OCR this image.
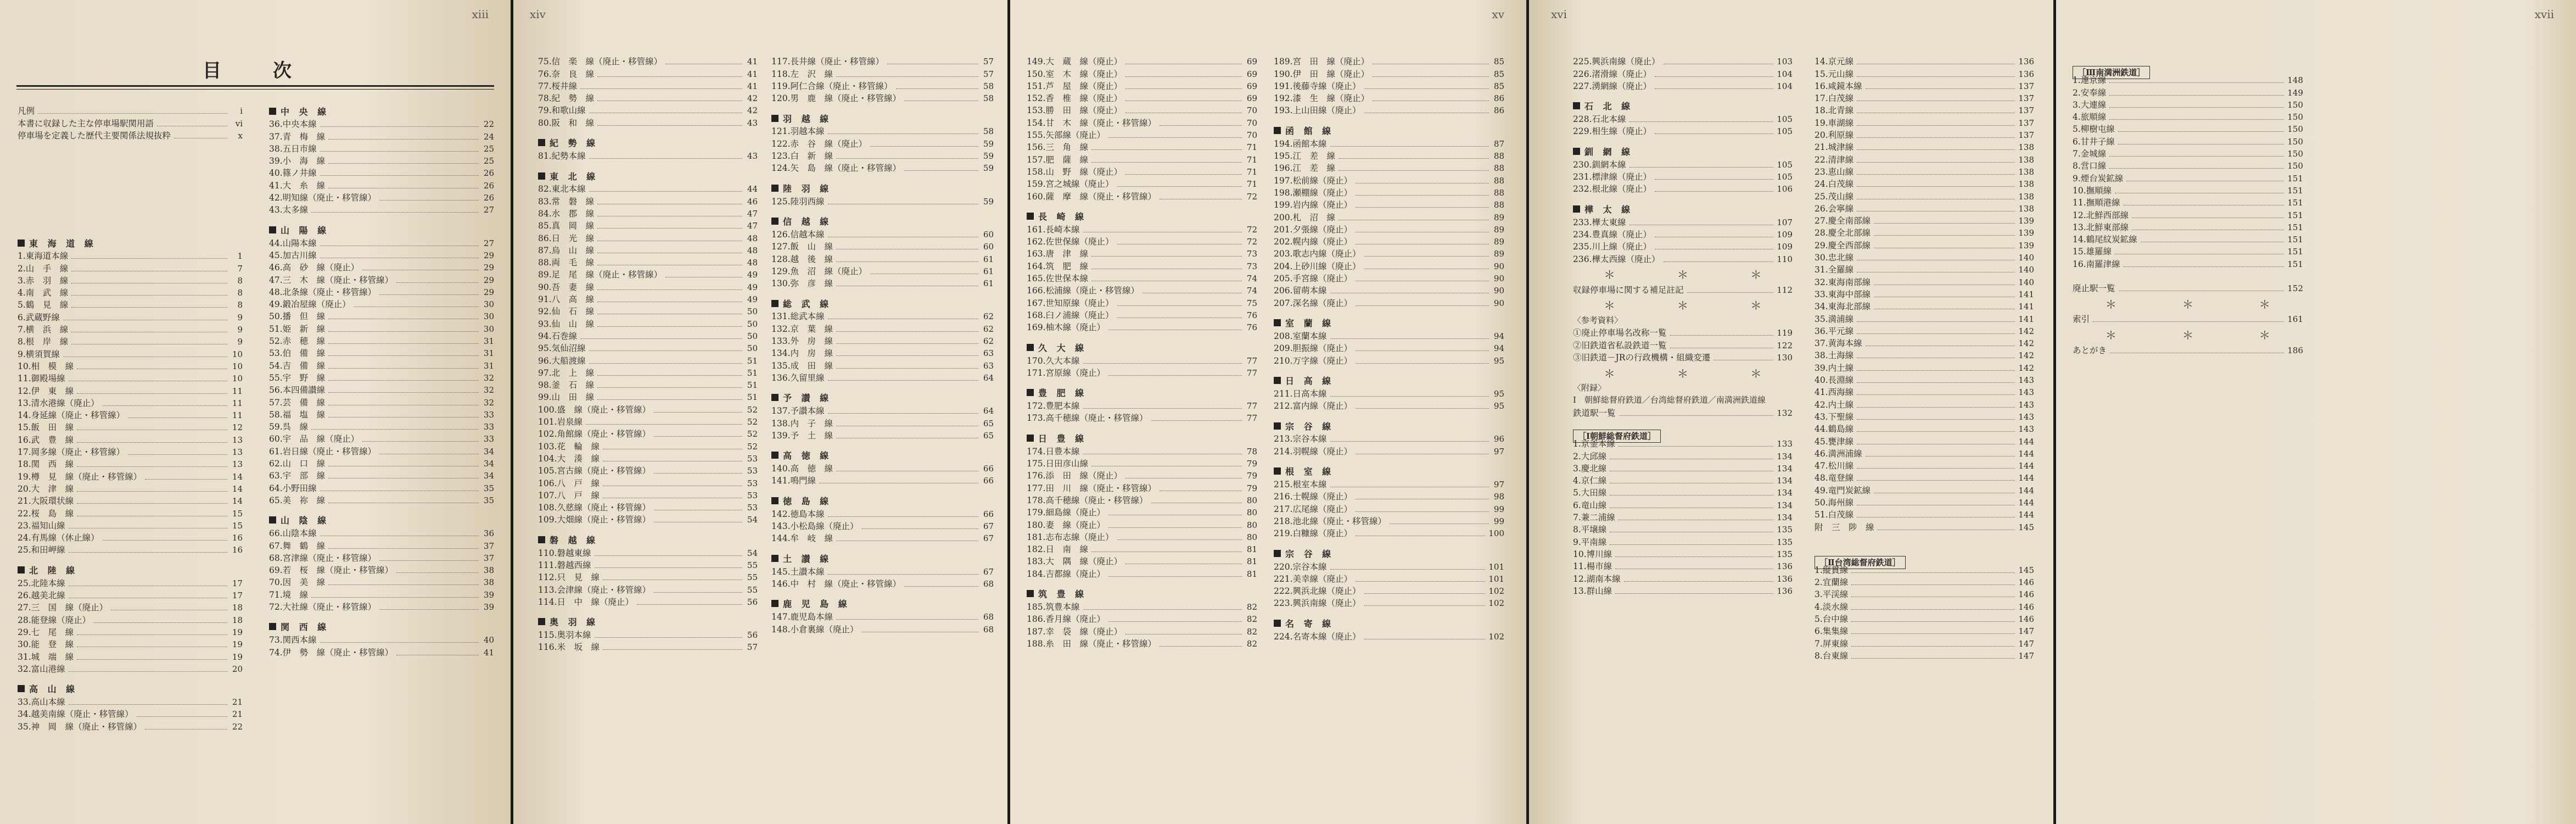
xiii
目　次
凡例	i
本書に収録した主な停車場駅関用語	vi
停車場を定義した歴代主要関係法規抜粋	x
東 海 道 線
1.東海道本線	1
2.山　手　線	7
3.赤　羽　線	8
4.南　武　線	8
5.鶴　見　線	8
6.武蔵野線	9
7.横　浜　線	9
8.根　岸　線	9
9.横須賀線	10
10.相　模　線	10
11.御殿場線	10
12.伊　東　線	11
13.清水港線（廃止）	11
14.身延線（廃止・移管線）	11
15.飯　田　線	12
16.武　豊　線	13
17.岡多線（廃止・移管線）	13
18.関　西　線	13
19.樽　見　線（廃止・移管線）	14
20.大　津　線	14
21.大阪環状線	14
22.桜　島　線	15
23.福知山線	15
24.有馬線（休止線）	16
25.和田岬線	16
北 陸 線
25.北陸本線	17
26.越美北線	17
27.三　国　線（廃止）	18
28.能登線（廃止）	18
29.七　尾　線	19
30.能　登　線	19
31.城　端　線	19
32.富山港線	20
高 山 線
33.高山本線	21
34.越美南線（廃止・移管線）	21
35.神　岡　線（廃止・移管線）	22
中 央 線
36.中央本線	22
37.青　梅　線	24
38.五日市線	25
39.小　海　線	25
40.篠ノ井線	26
41.大　糸　線	26
42.明知線（廃止・移管線）	26
43.太多線	27
山 陽 線
44.山陽本線	27
45.加古川線	29
46.高　砂　線（廃止）	29
47.三　木　線（廃止・移管線）	29
48.北条線（廃止・移管線）	29
49.鍛冶屋線（廃止）	30
50.播　但　線	30
51.姫　新　線	30
52.赤　穂　線	31
53.伯　備　線	31
54.吉　備　線	31
55.宇　野　線	32
56.本四備讃線	32
57.芸　備　線	32
58.福　塩　線	33
59.呉　線	33
60.宇　品　線（廃止）	33
61.岩日線（廃止・移管線）	34
62.山　口　線	34
63.宇　部　線	34
64.小野田線	35
65.美　祢　線	35
山 陰 線
66.山陰本線	36
67.舞　鶴　線	37
68.宮津線（廃止・移管線）	37
69.若　桜　線（廃止・移管線）	38
70.因　美　線	38
71.境　線	39
72.大社線（廃止・移管線）	39
関 西 線
73.関西本線	40
74.伊　勢　線（廃止・移管線）	41
xiv
75.信　楽　線（廃止・移管線）	41
76.奈　良　線	41
77.桜井線	41
78.紀　勢　線	42
79.和歌山線	42
80.阪　和　線	43
紀 勢 線
81.紀勢本線	43
東 北 線
82.東北本線	44
83.常　磐　線	46
84.水　郡　線	47
85.真　岡　線	47
86.日　光　線	48
87.烏　山　線	48
88.両　毛　線	48
89.足　尾　線（廃止・移管線）	49
90.吾　妻　線	49
91.八　高　線	49
92.仙　石　線	50
93.仙　山　線	50
94.石巻線	50
95.気仙沼線	50
96.大船渡線	51
97.北　上　線	51
98.釜　石　線	51
99.山　田　線	51
100.盛　線（廃止・移管線）	52
101.岩泉線	52
102.角館線（廃止・移管線）	52
103.花　輪　線	52
104.大　湊　線	53
105.宮古線（廃止・移管線）	53
106.八　戸　線	53
107.八　戸　線	53
108.久慈線（廃止・移管線）	53
109.大畑線（廃止・移管線）	54
磐 越 線
110.磐越東線	54
111.磐越西線	55
112.只　見　線	55
113.会津線（廃止・移管線）	55
114.日　中　線（廃止）	56
奥 羽 線
115.奥羽本線	56
116.米　坂　線	57
117.長井線（廃止・移管線）	57
118.左　沢　線	57
119.阿仁合線（廃止・移管線）	58
120.男　鹿　線（廃止・移管線）	58
羽 越 線
121.羽越本線	58
122.赤　谷　線（廃止）	59
123.白　新　線	59
124.矢　島　線（廃止・移管線）	59
陸 羽 線
125.陸羽西線	59
信 越 線
126.信越本線	60
127.飯　山　線	60
128.越　後　線	61
129.魚　沼　線（廃止）	61
130.弥　彦　線	61
総 武 線
131.総武本線	62
132.京　葉　線	62
133.外　房　線	62
134.内　房　線	63
135.成　田　線	63
136.久留里線	64
予 讃 線
137.予讃本線	64
138.内　子　線	65
139.予　土　線	65
高 徳 線
140.高　徳　線	66
141.鳴門線	66
徳 島 線
142.徳島本線	66
143.小松島線（廃止）	67
144.牟　岐　線	67
土 讃 線
145.土讃本線	67
146.中　村　線（廃止・移管線）	68
鹿 児 島 線
147.鹿児島本線	68
148.小倉裏線（廃止）	68
xv
149.大　蔵　線（廃止）	69
150.室　木　線（廃止）	69
151.芦　屋　線（廃止）	69
152.香　椎　線（廃止）	69
153.勝　田　線（廃止）	70
154.甘　木　線（廃止・移管線）	70
155.矢部線（廃止）	70
156.三　角　線	71
157.肥　薩　線	71
158.山　野　線（廃止）	71
159.宮之城線（廃止）	71
160.薩　摩　線（廃止・移管線）	72
長 崎 線
161.長崎本線	72
162.佐世保線（廃止）	72
163.唐　津　線	73
164.筑　肥　線	73
165.佐世保本線	74
166.松浦線（廃止・移管線）	74
167.世知原線（廃止）	75
168.臼ノ浦線（廃止）	76
169.柚木線（廃止）	76
久 大 線
170.久大本線	77
171.宮原線（廃止）	77
豊 肥 線
172.豊肥本線	77
173.高千穂線（廃止・移管線）	77
日 豊 線
174.日豊本線	78
175.日田彦山線	79
176.添　田　線（廃止）	79
177.田　川　線（廃止・移管線）	79
178.高千穂線（廃止・移管線）	80
179.細島線（廃止）	80
180.妻　線（廃止）	80
181.志布志線（廃止）	80
182.日　南　線	81
183.大　隅　線（廃止）	81
184.吉都線（廃止）	81
筑 豊 線
185.筑豊本線	82
186.香月線（廃止）	82
187.幸　袋　線（廃止）	82
188.糸　田　線（廃止・移管線）	82
189.宮　田　線（廃止）	85
190.伊　田　線（廃止）	85
191.後藤寺線（廃止）	85
192.漆　生　線（廃止）	86
193.上山田線（廃止）	86
函 館 線
194.函館本線	87
195.江　差　線	88
196.江　差　線	88
197.松前線（廃止）	88
198.瀬棚線（廃止）	88
199.岩内線（廃止）	88
200.札　沼　線	89
201.夕張線（廃止）	89
202.幌内線（廃止）	89
203.歌志内線（廃止）	89
204.上砂川線（廃止）	90
205.手宮線（廃止）	90
206.留萌本線	90
207.深名線（廃止）	90
室 蘭 線
208.室蘭本線	94
209.胆振線（廃止）	94
210.万字線（廃止）	95
日 高 線
211.日高本線	95
212.富内線（廃止）	95
宗 谷 線
213.宗谷本線	96
214.羽幌線（廃止）	97
根 室 線
215.根室本線	97
216.士幌線（廃止）	98
217.広尾線（廃止）	99
218.池北線（廃止・移管線）	99
219.白糠線（廃止）	100
宗 谷 線
220.宗谷本線	101
221.美幸線（廃止）	101
222.興浜北線（廃止）	102
223.興浜南線（廃止）	102
名 寄 線
224.名寄本線（廃止）	102
xvi
225.興浜南線（廃止）	103
226.渚滑線（廃止）	104
227.湧網線（廃止）	104
石 北 線
228.石北本線	105
229.相生線（廃止）	105
釧 網 線
230.釧網本線	105
231.標津線（廃止）	105
232.根北線（廃止）	106
樺 太 線
233.樺太東線	107
234.豊真線（廃止）	109
235.川上線（廃止）	109
236.樺太西線（廃止）	110
＊	＊	＊
収録停車場に関する補足註記	112
＊	＊	＊
〈参考資料〉
①廃止停車場名改称一覧	119
②旧鉄道省私設鉄道一覧	122
③旧鉄道－JRの行政機構・組織変遷	130
＊	＊	＊
〈附録〉
Ⅰ　朝鮮総督府鉄道／台湾総督府鉄道／南満洲鉄道線
鉄道駅一覧	132
［Ⅰ朝鮮総督府鉄道］
1.京釜本線	133
2.大邱線	134
3.慶北線	134
4.京仁線	134
5.大田線	134
6.竜山線	134
7.兼二浦線	134
8.平壌線	135
9.平南線	135
10.博川線	135
11.楊市線	136
12.湖南本線	136
13.群山線	136
14.京元線	136
15.元山線	136
16.咸鏡本線	137
17.白茂線	137
18.北青線	137
19.車湖線	137
20.利原線	137
21.城津線	138
22.清津線	138
23.恵山線	138
24.白茂線	138
25.茂山線	138
26.会寧線	138
27.慶全南部線	139
28.慶全北部線	139
29.慶全西部線	139
30.忠北線	140
31.全羅線	140
32.東海南部線	140
33.東海中部線	141
34.東海北部線	141
35.満浦線	141
36.平元線	142
37.黄海本線	142
38.土海線	142
39.内土線	142
40.長淵線	143
41.西海線	143
42.内土線	143
43.下聖線	143
44.鶴島線	143
45.甕津線	144
46.満洲浦線	144
47.松川線	144
48.竜登線	144
49.竜門炭鉱線	144
50.海州線	144
51.白茂線	144
附　三　陟　線	145
［Ⅱ台湾総督府鉄道］
1.縦貫線	145
2.宜蘭線	146
3.平渓線	146
4.淡水線	146
5.台中線	146
6.集集線	147
7.屏東線	147
8.台東線	147
xvii
［Ⅲ南満洲鉄道］
1.連京線	148
2.安奉線	149
3.大連線	150
4.旅順線	150
5.柳樹屯線	150
6.甘井子線	150
7.金城線	150
8.営口線	150
9.煙台炭鉱線	151
10.撫順線	151
11.撫順港線	151
12.北鮮西部線	151
13.北鮮東部線	151
14.鶴尾紋炭鉱線	151
15.雄羅線	151
16.南羅津線	151
廃止駅一覧	152
＊	＊	＊
索引	161
＊	＊	＊
あとがき	186
